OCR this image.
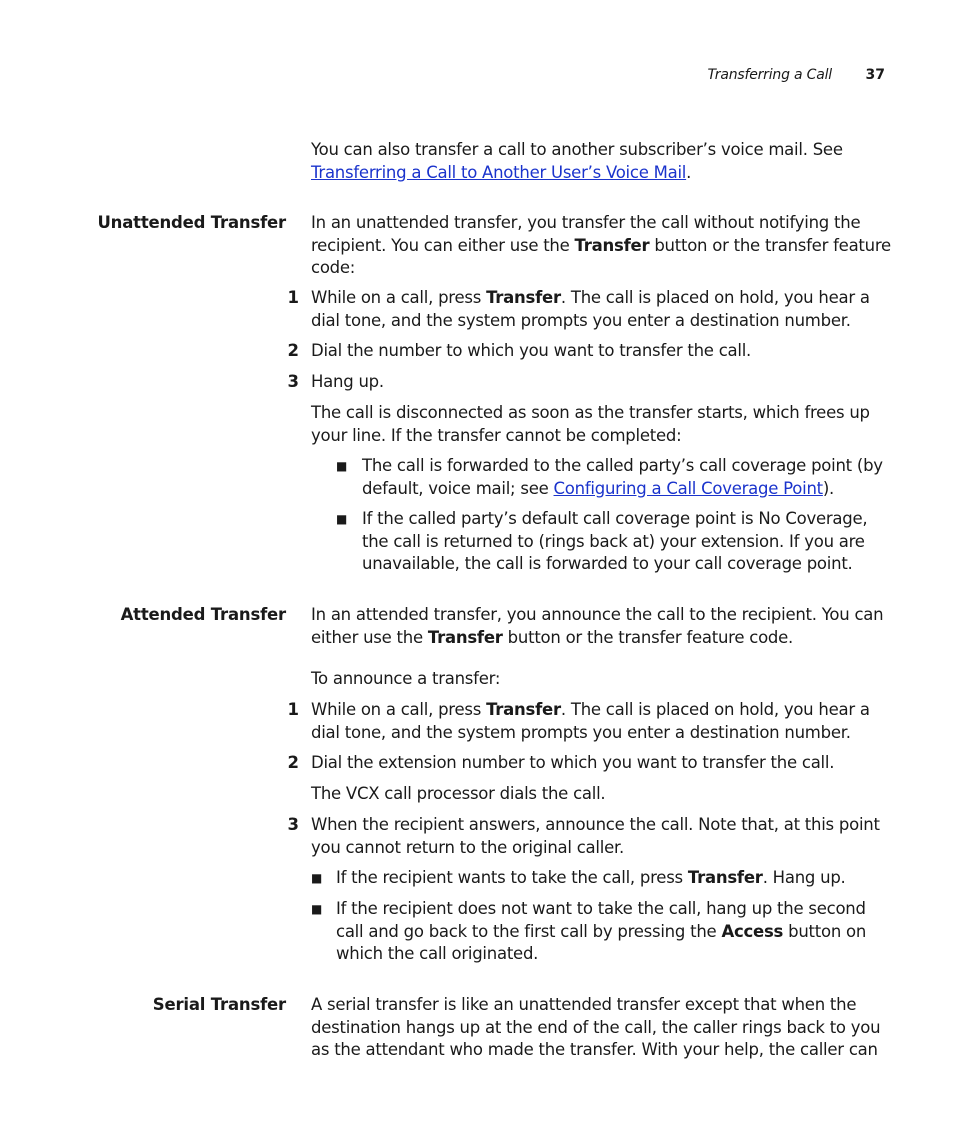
Transferring a Call	37
You can also transfer a call to another subscriber’s voice mail. See Transferring a Call to Another User’s Voice Mail.
Unattended Transfer In an unattended transfer, you transfer the call without notifying the recipient. You can either use the Transfer button or the transfer feature code:
1 While on a call, press Transfer. The call is placed on hold, you hear a dial tone, and the system prompts you enter a destination number.
2 Dial the number to which you want to transfer the call.
3 Hang up.
The call is disconnected as soon as the transfer starts, which frees up your line. If the transfer cannot be completed:
■ The call is forwarded to the called party’s call coverage point (by default, voice mail; see Configuring a Call Coverage Point).
■ If the called party’s default call coverage point is No Coverage, the call is returned to (rings back at) your extension. If you are unavailable, the call is forwarded to your call coverage point.
Attended Transfer In an attended transfer, you announce the call to the recipient. You can either use the Transfer button or the transfer feature code.
To announce a transfer:
1 While on a call, press Transfer. The call is placed on hold, you hear a dial tone, and the system prompts you enter a destination number.
2 Dial the extension number to which you want to transfer the call.
The VCX call processor dials the call.
3 When the recipient answers, announce the call. Note that, at this point you cannot return to the original caller.
■ If the recipient wants to take the call, press Transfer. Hang up.
■ If the recipient does not want to take the call, hang up the second call and go back to the first call by pressing the Access button on which the call originated.
Serial Transfer A serial transfer is like an unattended transfer except that when the destination hangs up at the end of the call, the caller rings back to you as the attendant who made the transfer. With your help, the caller can
